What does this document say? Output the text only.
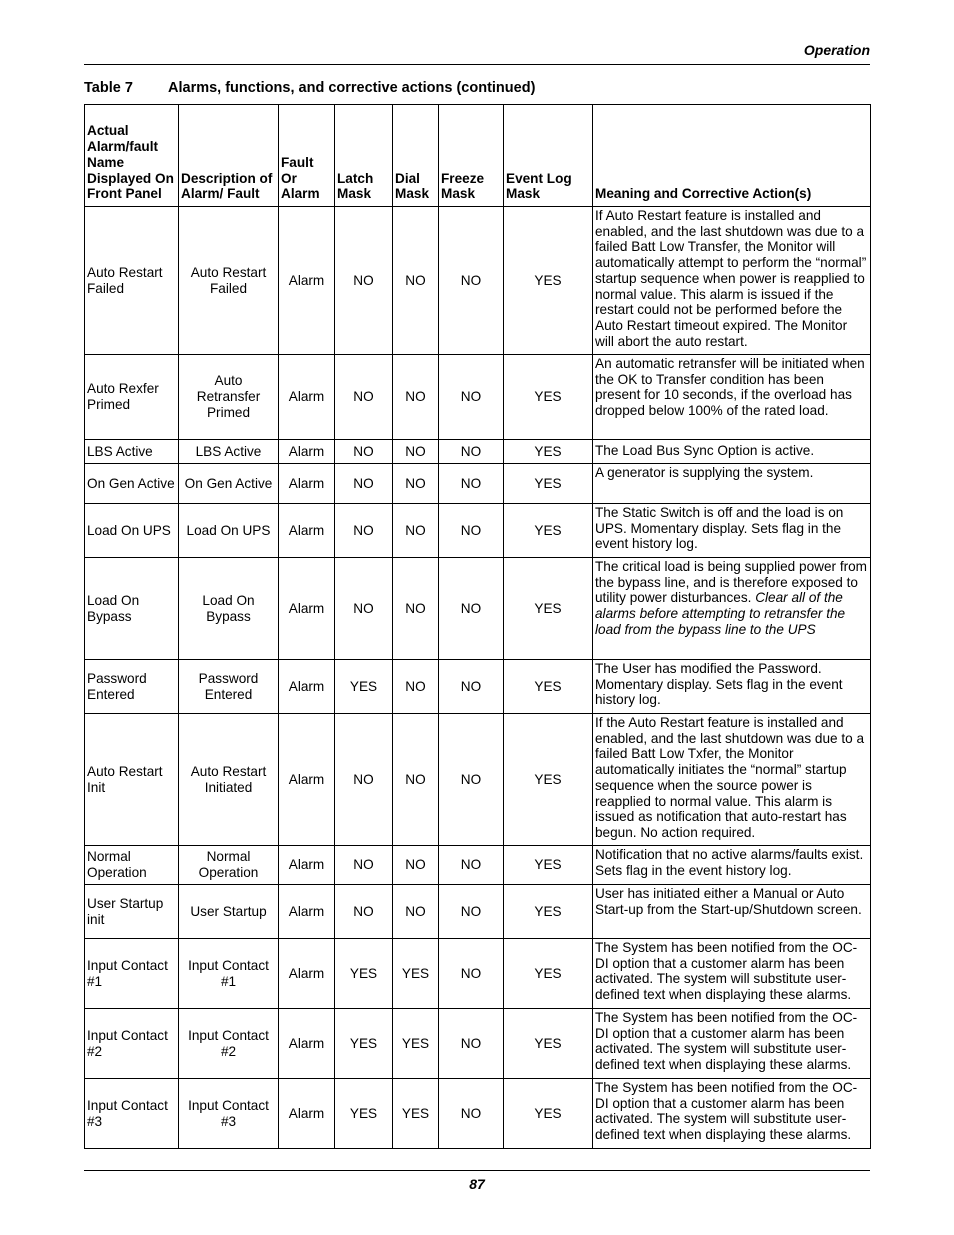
Operation
Table 7 Alarms, functions, and corrective actions (continued)
Actual Alarm/fault Name Displayed On Front Panel	Description of Alarm/ Fault	Fault Or Alarm	Latch Mask	Dial Mask	Freeze Mask	Event Log Mask	Meaning and Corrective Action(s)
Auto Restart Failed	Auto Restart Failed	Alarm	NO	NO	NO	YES	If Auto Restart feature is installed and enabled, and the last shutdown was due to a failed Batt Low Transfer, the Monitor will automatically attempt to perform the “normal” startup sequence when power is reapplied to normal value. This alarm is issued if the restart could not be performed before the Auto Restart timeout expired. The Monitor will abort the auto restart.
Auto Rexfer Primed	Auto Retransfer Primed	Alarm	NO	NO	NO	YES	An automatic retransfer will be initiated when the OK to Transfer condition has been present for 10 seconds, if the overload has dropped below 100% of the rated load.
LBS Active	LBS Active	Alarm	NO	NO	NO	YES	The Load Bus Sync Option is active.
On Gen Active	On Gen Active	Alarm	NO	NO	NO	YES	A generator is supplying the system.
Load On UPS	Load On UPS	Alarm	NO	NO	NO	YES	The Static Switch is off and the load is on UPS. Momentary display. Sets flag in the event history log.
Load On Bypass	Load On Bypass	Alarm	NO	NO	NO	YES	The critical load is being supplied power from the bypass line, and is therefore exposed to utility power disturbances. Clear all of the alarms before attempting to retransfer the load from the bypass line to the UPS
Password Entered	Password Entered	Alarm	YES	NO	NO	YES	The User has modified the Password. Momentary display. Sets flag in the event history log.
Auto Restart Init	Auto Restart Initiated	Alarm	NO	NO	NO	YES	If the Auto Restart feature is installed and enabled, and the last shutdown was due to a failed Batt Low Txfer, the Monitor automatically initiates the “normal” startup sequence when the source power is reapplied to normal value. This alarm is issued as notification that auto-restart has begun. No action required.
Normal Operation	Normal Operation	Alarm	NO	NO	NO	YES	Notification that no active alarms/faults exist. Sets flag in the event history log.
User Startup init	User Startup	Alarm	NO	NO	NO	YES	User has initiated either a Manual or Auto Start-up from the Start-up/Shutdown screen.
Input Contact #1	Input Contact #1	Alarm	YES	YES	NO	YES	The System has been notified from the OC-DI option that a customer alarm has been activated. The system will substitute user-defined text when displaying these alarms.
Input Contact #2	Input Contact #2	Alarm	YES	YES	NO	YES	The System has been notified from the OC-DI option that a customer alarm has been activated. The system will substitute user-defined text when displaying these alarms.
Input Contact #3	Input Contact #3	Alarm	YES	YES	NO	YES	The System has been notified from the OC-DI option that a customer alarm has been activated. The system will substitute user-defined text when displaying these alarms.
87
